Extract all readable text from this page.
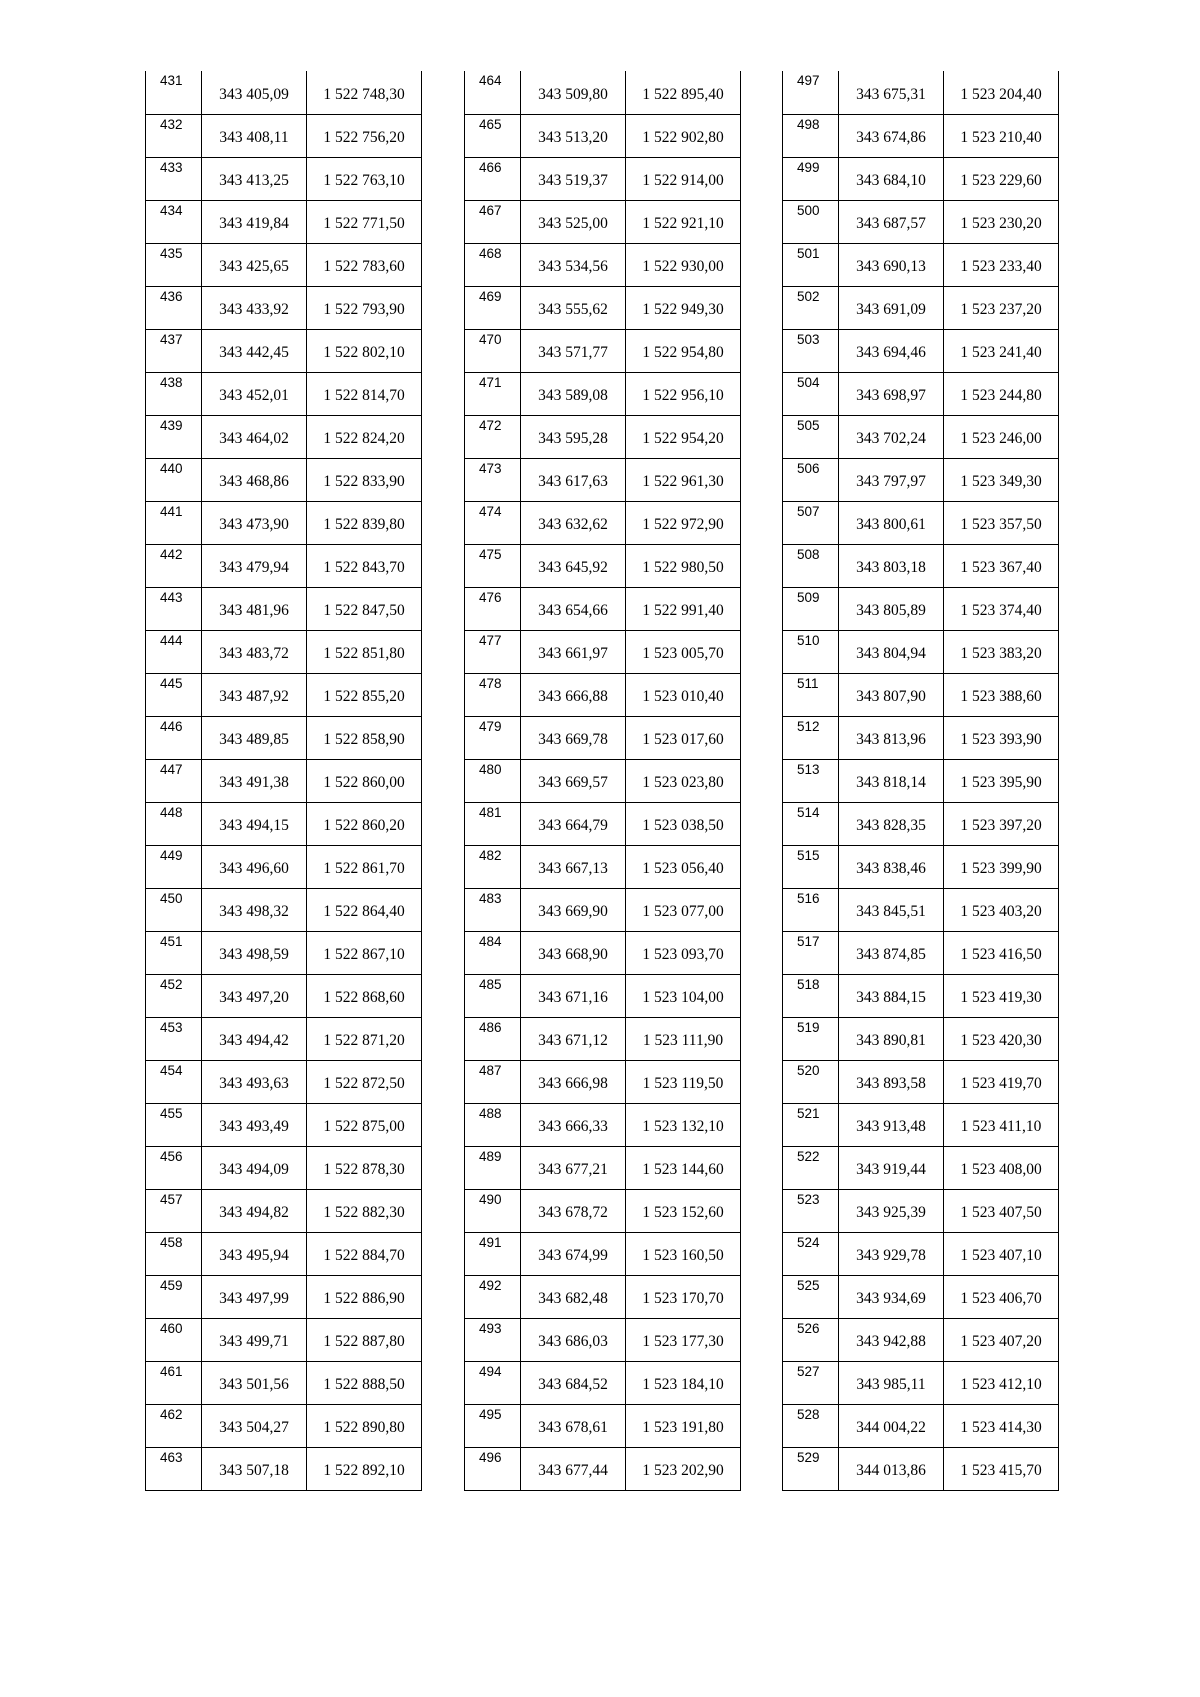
431	343 405,09	1 522 748,30
432	343 408,11	1 522 756,20
433	343 413,25	1 522 763,10
434	343 419,84	1 522 771,50
435	343 425,65	1 522 783,60
436	343 433,92	1 522 793,90
437	343 442,45	1 522 802,10
438	343 452,01	1 522 814,70
439	343 464,02	1 522 824,20
440	343 468,86	1 522 833,90
441	343 473,90	1 522 839,80
442	343 479,94	1 522 843,70
443	343 481,96	1 522 847,50
444	343 483,72	1 522 851,80
445	343 487,92	1 522 855,20
446	343 489,85	1 522 858,90
447	343 491,38	1 522 860,00
448	343 494,15	1 522 860,20
449	343 496,60	1 522 861,70
450	343 498,32	1 522 864,40
451	343 498,59	1 522 867,10
452	343 497,20	1 522 868,60
453	343 494,42	1 522 871,20
454	343 493,63	1 522 872,50
455	343 493,49	1 522 875,00
456	343 494,09	1 522 878,30
457	343 494,82	1 522 882,30
458	343 495,94	1 522 884,70
459	343 497,99	1 522 886,90
460	343 499,71	1 522 887,80
461	343 501,56	1 522 888,50
462	343 504,27	1 522 890,80
463	343 507,18	1 522 892,10
464	343 509,80	1 522 895,40
465	343 513,20	1 522 902,80
466	343 519,37	1 522 914,00
467	343 525,00	1 522 921,10
468	343 534,56	1 522 930,00
469	343 555,62	1 522 949,30
470	343 571,77	1 522 954,80
471	343 589,08	1 522 956,10
472	343 595,28	1 522 954,20
473	343 617,63	1 522 961,30
474	343 632,62	1 522 972,90
475	343 645,92	1 522 980,50
476	343 654,66	1 522 991,40
477	343 661,97	1 523 005,70
478	343 666,88	1 523 010,40
479	343 669,78	1 523 017,60
480	343 669,57	1 523 023,80
481	343 664,79	1 523 038,50
482	343 667,13	1 523 056,40
483	343 669,90	1 523 077,00
484	343 668,90	1 523 093,70
485	343 671,16	1 523 104,00
486	343 671,12	1 523 111,90
487	343 666,98	1 523 119,50
488	343 666,33	1 523 132,10
489	343 677,21	1 523 144,60
490	343 678,72	1 523 152,60
491	343 674,99	1 523 160,50
492	343 682,48	1 523 170,70
493	343 686,03	1 523 177,30
494	343 684,52	1 523 184,10
495	343 678,61	1 523 191,80
496	343 677,44	1 523 202,90
497	343 675,31	1 523 204,40
498	343 674,86	1 523 210,40
499	343 684,10	1 523 229,60
500	343 687,57	1 523 230,20
501	343 690,13	1 523 233,40
502	343 691,09	1 523 237,20
503	343 694,46	1 523 241,40
504	343 698,97	1 523 244,80
505	343 702,24	1 523 246,00
506	343 797,97	1 523 349,30
507	343 800,61	1 523 357,50
508	343 803,18	1 523 367,40
509	343 805,89	1 523 374,40
510	343 804,94	1 523 383,20
511	343 807,90	1 523 388,60
512	343 813,96	1 523 393,90
513	343 818,14	1 523 395,90
514	343 828,35	1 523 397,20
515	343 838,46	1 523 399,90
516	343 845,51	1 523 403,20
517	343 874,85	1 523 416,50
518	343 884,15	1 523 419,30
519	343 890,81	1 523 420,30
520	343 893,58	1 523 419,70
521	343 913,48	1 523 411,10
522	343 919,44	1 523 408,00
523	343 925,39	1 523 407,50
524	343 929,78	1 523 407,10
525	343 934,69	1 523 406,70
526	343 942,88	1 523 407,20
527	343 985,11	1 523 412,10
528	344 004,22	1 523 414,30
529	344 013,86	1 523 415,70
